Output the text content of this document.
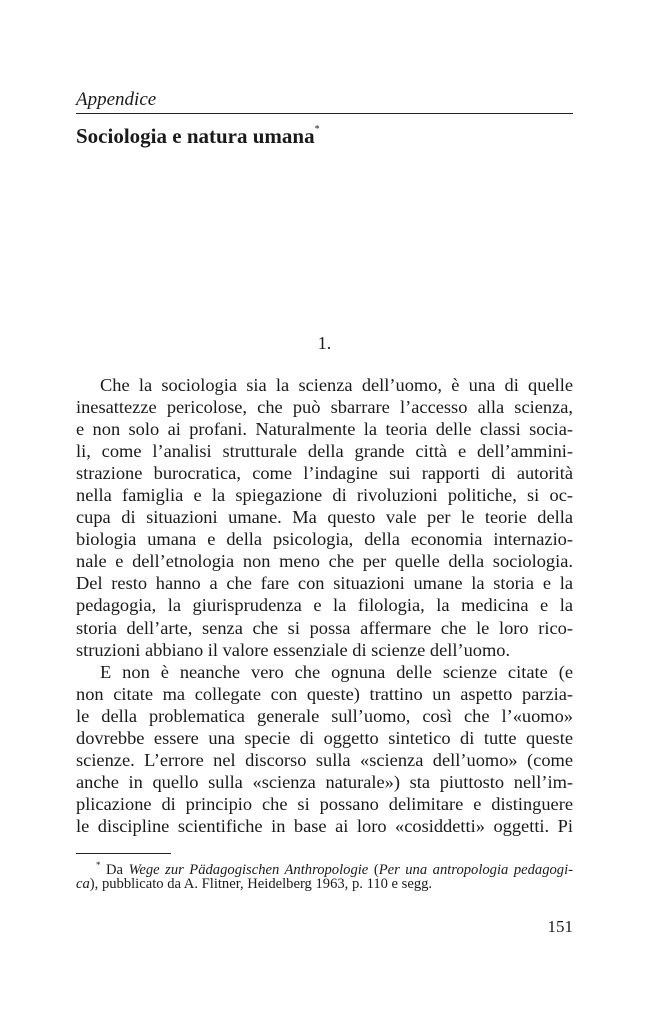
Appendice
Sociologia e natura umana*
1.
Che la sociologia sia la scienza dell’uomo, è una di quelle
inesattezze pericolose, che può sbarrare l’accesso alla scienza,
e non solo ai profani. Naturalmente la teoria delle classi socia-
li, come l’analisi strutturale della grande città e dell’ammini-
strazione burocratica, come l’indagine sui rapporti di autorità
nella famiglia e la spiegazione di rivoluzioni politiche, si oc-
cupa di situazioni umane. Ma questo vale per le teorie della
biologia umana e della psicologia, della economia internazio-
nale e dell’etnologia non meno che per quelle della sociologia.
Del resto hanno a che fare con situazioni umane la storia e la
pedagogia, la giurisprudenza e la filologia, la medicina e la
storia dell’arte, senza che si possa affermare che le loro rico-
struzioni abbiano il valore essenziale di scienze dell’uomo.
E non è neanche vero che ognuna delle scienze citate (e
non citate ma collegate con queste) trattino un aspetto parzia-
le della problematica generale sull’uomo, così che l’«uomo»
dovrebbe essere una specie di oggetto sintetico di tutte queste
scienze. L’errore nel discorso sulla «scienza dell’uomo» (come
anche in quello sulla «scienza naturale») sta piuttosto nell’im-
plicazione di principio che si possano delimitare e distinguere
le discipline scientifiche in base ai loro «cosiddetti» oggetti. Pi
* Da Wege zur Pädagogischen Anthropologie (Per una antropologia pedagogi-
ca), pubblicato da A. Flitner, Heidelberg 1963, p. 110 e segg.
151
